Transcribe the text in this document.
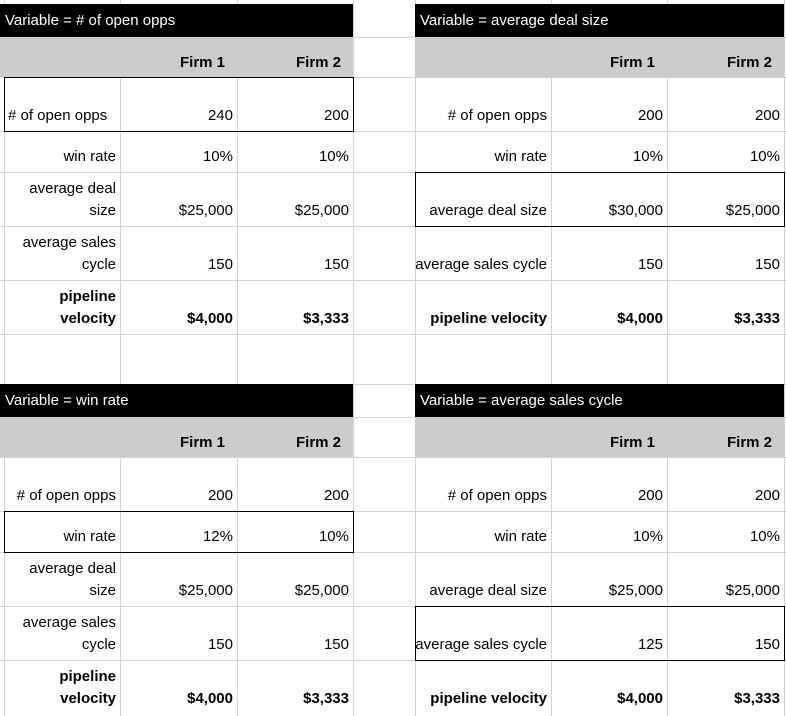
Variable = # of open opps
Firm 1	Firm 2
# of open opps	240	200
win rate	10%	10%
average deal size	$25,000	$25,000
average sales cycle	150	150
pipeline velocity	$4,000	$3,333
Variable = average deal size
Firm 1	Firm 2
# of open opps	200	200
win rate	10%	10%
average deal size	$30,000	$25,000
average sales cycle	150	150
pipeline velocity	$4,000	$3,333
Variable = win rate
Firm 1	Firm 2
# of open opps	200	200
win rate	12%	10%
average deal size	$25,000	$25,000
average sales cycle	150	150
pipeline velocity	$4,000	$3,333
Variable = average sales cycle
Firm 1	Firm 2
# of open opps	200	200
win rate	10%	10%
average deal size	$25,000	$25,000
average sales cycle	125	150
pipeline velocity	$4,000	$3,333
